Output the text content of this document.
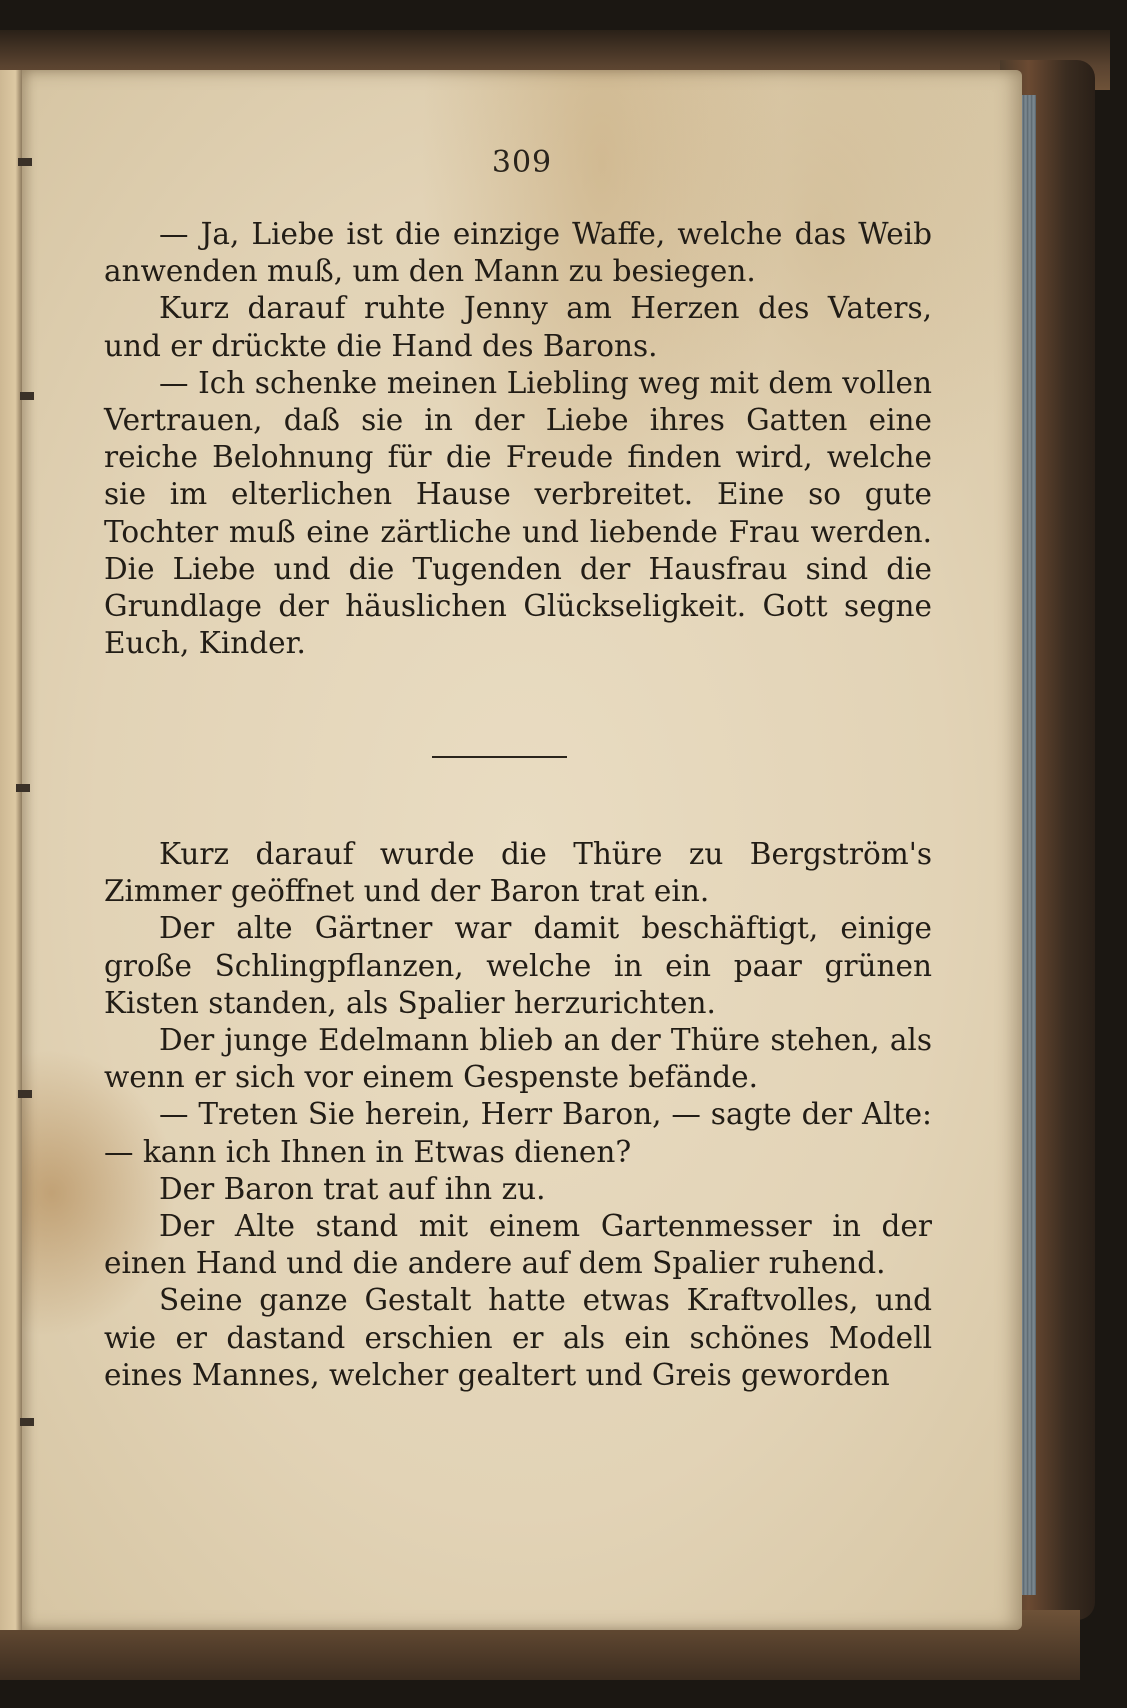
309

— Ja, Liebe ist die einzige Waffe, welche das Weib anwenden muß, um den Mann zu besiegen.

Kurz darauf ruhte Jenny am Herzen des Vaters, und er drückte die Hand des Barons.

— Ich schenke meinen Liebling weg mit dem vollen Vertrauen, daß sie in der Liebe ihres Gatten eine reiche Belohnung für die Freude finden wird, welche sie im elterlichen Hause verbreitet. Eine so gute Tochter muß eine zärtliche und liebende Frau werden. Die Liebe und die Tugenden der Hausfrau sind die Grundlage der häuslichen Glückseligkeit. Gott segne Euch, Kinder.

Kurz darauf wurde die Thüre zu Bergström's Zimmer geöffnet und der Baron trat ein.

Der alte Gärtner war damit beschäftigt, einige große Schlingpflanzen, welche in ein paar grünen Kisten standen, als Spalier herzurichten.

Der junge Edelmann blieb an der Thüre stehen, als wenn er sich vor einem Gespenste befände.

— Treten Sie herein, Herr Baron, — sagte der Alte: — kann ich Ihnen in Etwas dienen?

Der Baron trat auf ihn zu.

Der Alte stand mit einem Gartenmesser in der einen Hand und die andere auf dem Spalier ruhend.

Seine ganze Gestalt hatte etwas Kraftvolles, und wie er dastand erschien er als ein schönes Modell eines Mannes, welcher gealtert und Greis geworden
